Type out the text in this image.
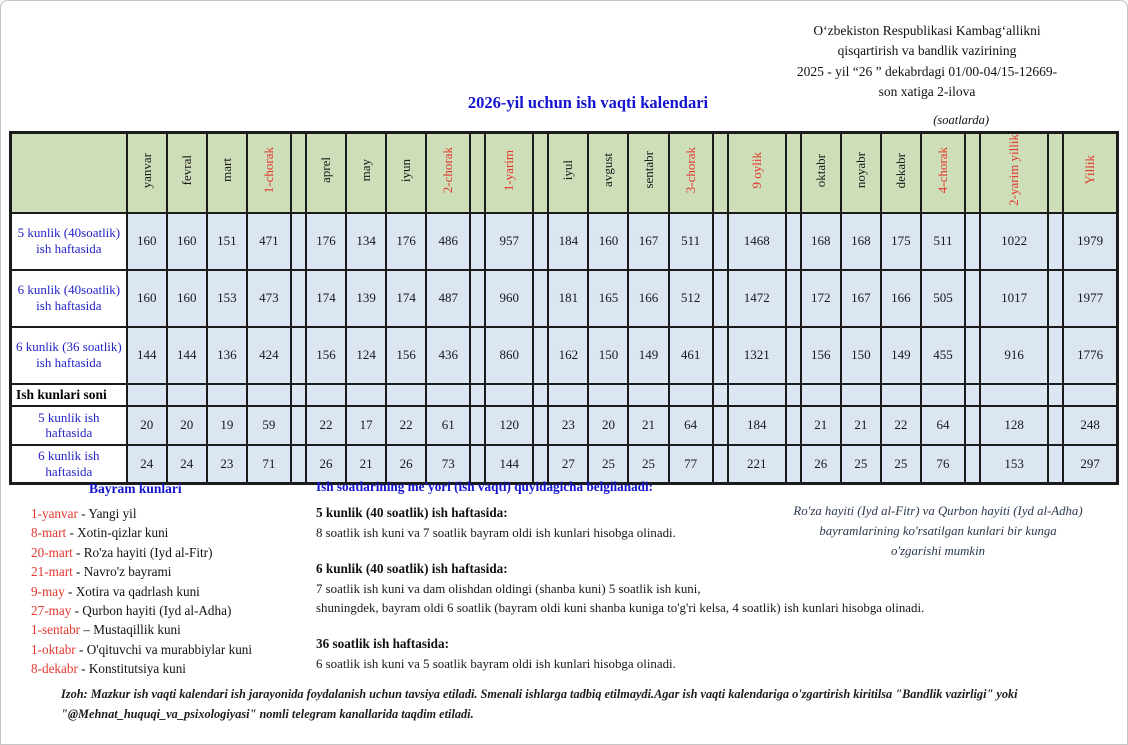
Oʻzbekiston Respublikasi Kambagʻallikni
qisqartirish va bandlik vazirining
2025 - yil “26 ” dekabrdagi 01/00-04/15-12669-
son xatiga 2-ilova
2026-yil uchun ish vaqti kalendari
(soatlarda)
	yanvar	fevral	mart	1-chorak		aprel	may	iyun	2-chorak		1-yarim		iyul	avgust	sentabr	3-chorak		9 oylik		oktabr	noyabr	dekabr	4-chorak		2-yarim yillik		Yillik
5 kunlik (40soatlik) ish haftasida	160	160	151	471		176	134	176	486		957		184	160	167	511		1468		168	168	175	511		1022		1979
6 kunlik (40soatlik) ish haftasida	160	160	153	473		174	139	174	487		960		181	165	166	512		1472		172	167	166	505		1017		1977
6 kunlik (36 soatlik) ish haftasida	144	144	136	424		156	124	156	436		860		162	150	149	461		1321		156	150	149	455		916		1776
Ish kunlari soni																											
5 kunlik ish haftasida	20	20	19	59		22	17	22	61		120		23	20	21	64		184		21	21	22	64		128		248
6 kunlik ish haftasida	24	24	23	71		26	21	26	73		144		27	25	25	77		221		26	25	25	76		153		297
Bayram kunlari
1-yanvar - Yangi yil
8-mart - Xotin-qizlar kuni
20-mart - Ro'za hayiti (Iyd al-Fitr)
21-mart - Navro'z bayrami
9-may - Xotira va qadrlash kuni
27-may - Qurbon hayiti (Iyd al-Adha)
1-sentabr – Mustaqillik kuni
1-oktabr - O'qituvchi va murabbiylar kuni
8-dekabr - Konstitutsiya kuni
Ish soatlarining me'yori (ish vaqti) quyidagicha belgilanadi:
5 kunlik (40 soatlik) ish haftasida:
8 soatlik ish kuni va 7 soatlik bayram oldi ish kunlari hisobga olinadi.
6 kunlik (40 soatlik) ish haftasida:
7 soatlik ish kuni va dam olishdan oldingi (shanba kuni) 5 soatlik ish kuni,
shuningdek, bayram oldi 6 soatlik (bayram oldi kuni shanba kuniga to'g'ri kelsa, 4 soatlik) ish kunlari hisobga olinadi.
36 soatlik ish haftasida:
6 soatlik ish kuni va 5 soatlik bayram oldi ish kunlari hisobga olinadi.
Ro'za hayiti (Iyd al-Fitr) va Qurbon hayiti (Iyd al-Adha)
bayramlarining ko'rsatilgan kunlari bir kunga
o'zgarishi mumkin
Izoh: Mazkur ish vaqti kalendari ish jarayonida foydalanish uchun tavsiya etiladi. Smenali ishlarga tadbiq etilmaydi.Agar ish vaqti kalendariga o'zgartirish kiritilsa "Bandlik vazirligi" yoki "@Mehnat_huquqi_va_psixologiyasi" nomli telegram kanallarida taqdim etiladi.
